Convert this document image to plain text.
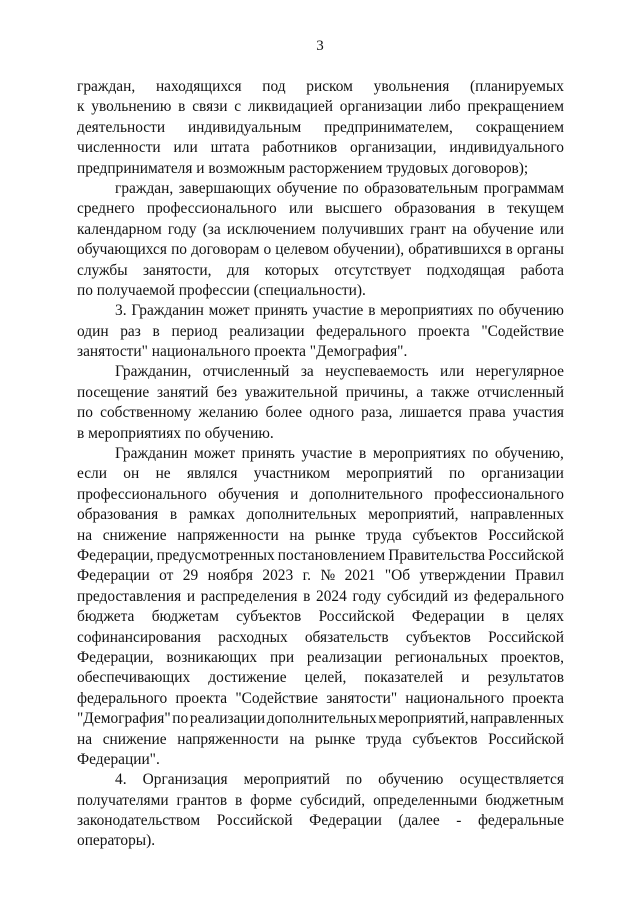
3
граждан, находящихся под риском увольнения (планируемых
к увольнению в связи с ликвидацией организации либо прекращением
деятельности индивидуальным предпринимателем, сокращением
численности или штата работников организации, индивидуального
предпринимателя и возможным расторжением трудовых договоров);
граждан, завершающих обучение по образовательным программам
среднего профессионального или высшего образования в текущем
календарном году (за исключением получивших грант на обучение или
обучающихся по договорам о целевом обучении), обратившихся в органы
службы занятости, для которых отсутствует подходящая работа
по получаемой профессии (специальности).
3. Гражданин может принять участие в мероприятиях по обучению
один раз в период реализации федерального проекта "Содействие
занятости" национального проекта "Демография".
Гражданин, отчисленный за неуспеваемость или нерегулярное
посещение занятий без уважительной причины, а также отчисленный
по собственному желанию более одного раза, лишается права участия
в мероприятиях по обучению.
Гражданин может принять участие в мероприятиях по обучению,
если он не являлся участником мероприятий по организации
профессионального обучения и дополнительного профессионального
образования в рамках дополнительных мероприятий, направленных
на снижение напряженности на рынке труда субъектов Российской
Федерации, предусмотренных постановлением Правительства Российской
Федерации от 29 ноября 2023 г. № 2021 "Об утверждении Правил
предоставления и распределения в 2024 году субсидий из федерального
бюджета бюджетам субъектов Российской Федерации в целях
софинансирования расходных обязательств субъектов Российской
Федерации, возникающих при реализации региональных проектов,
обеспечивающих достижение целей, показателей и результатов
федерального проекта "Содействие занятости" национального проекта
"Демография" по реализации дополнительных мероприятий, направленных
на снижение напряженности на рынке труда субъектов Российской
Федерации".
4. Организация мероприятий по обучению осуществляется
получателями грантов в форме субсидий, определенными бюджетным
законодательством Российской Федерации (далее - федеральные
операторы).
